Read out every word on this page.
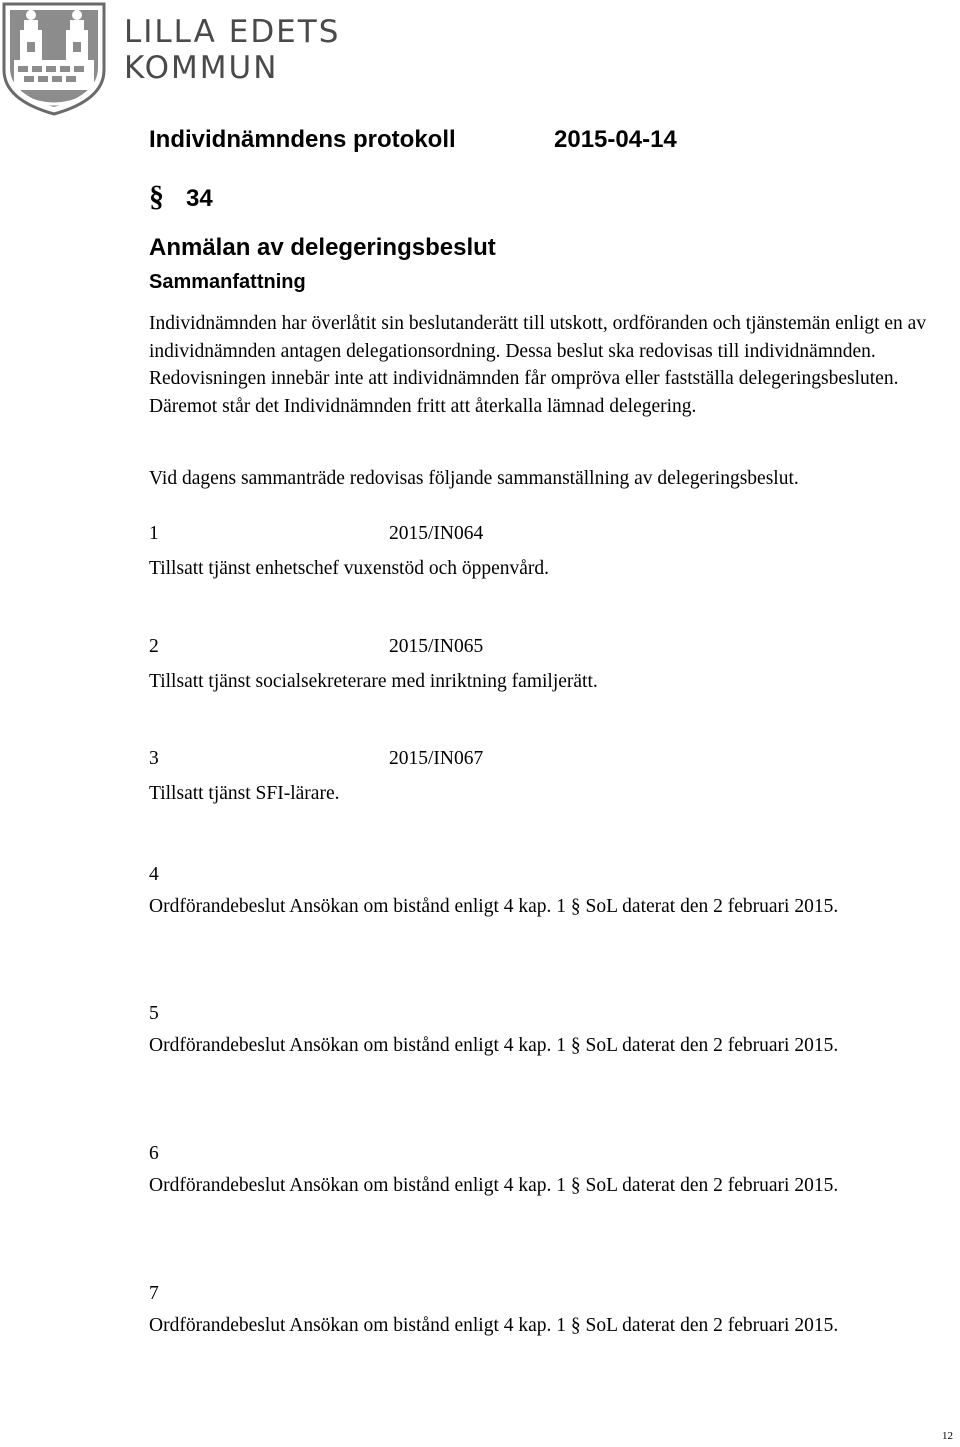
LILLA EDETS
KOMMUN
Individnämndens protokoll	2015-04-14
§ 34
Anmälan av delegeringsbeslut
Sammanfattning
Individnämnden har överlåtit sin beslutanderätt till utskott, ordföranden och tjänstemän enligt en av individnämnden antagen delegationsordning. Dessa beslut ska redovisas till individnämnden. Redovisningen innebär inte att individnämnden får ompröva eller fastställa delegeringsbesluten. Däremot står det Individnämnden fritt att återkalla lämnad delegering.
Vid dagens sammanträde redovisas följande sammanställning av delegeringsbeslut.
1	2015/IN064
Tillsatt tjänst enhetschef vuxenstöd och öppenvård.
2	2015/IN065
Tillsatt tjänst socialsekreterare med inriktning familjerätt.
3	2015/IN067
Tillsatt tjänst SFI-lärare.
4
Ordförandebeslut Ansökan om bistånd enligt 4 kap. 1 § SoL daterat den 2 februari 2015.
5
Ordförandebeslut Ansökan om bistånd enligt 4 kap. 1 § SoL daterat den 2 februari 2015.
6
Ordförandebeslut Ansökan om bistånd enligt 4 kap. 1 § SoL daterat den 2 februari 2015.
7
Ordförandebeslut Ansökan om bistånd enligt 4 kap. 1 § SoL daterat den 2 februari 2015.
12
